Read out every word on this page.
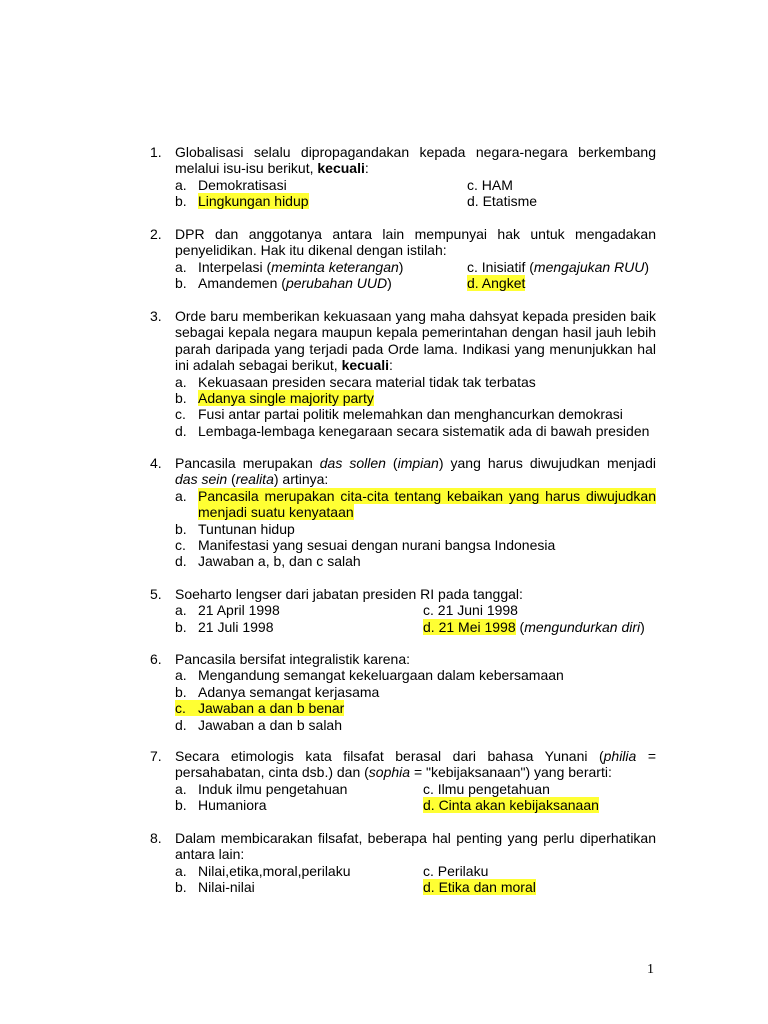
1. Globalisasi selalu dipropagandakan kepada negara-negara berkembang melalui isu-isu berikut, kecuali:
a. Demokratisasi	c. HAM
b. Lingkungan hidup	d. Etatisme
2. DPR dan anggotanya antara lain mempunyai hak untuk mengadakan penyelidikan. Hak itu dikenal dengan istilah:
a. Interpelasi (meminta keterangan)	c. Inisiatif (mengajukan RUU)
b. Amandemen (perubahan UUD)	d. Angket
3. Orde baru memberikan kekuasaan yang maha dahsyat kepada presiden baik sebagai kepala negara maupun kepala pemerintahan dengan hasil jauh lebih parah daripada yang terjadi pada Orde lama. Indikasi yang menunjukkan hal ini adalah sebagai berikut, kecuali:
a. Kekuasaan presiden secara material tidak tak terbatas
b. Adanya single majority party
c. Fusi antar partai politik melemahkan dan menghancurkan demokrasi
d. Lembaga-lembaga kenegaraan secara sistematik ada di bawah presiden
4. Pancasila merupakan das sollen (impian) yang harus diwujudkan menjadi das sein (realita) artinya:
a. Pancasila merupakan cita-cita tentang kebaikan yang harus diwujudkan
menjadi suatu kenyataan
b. Tuntunan hidup
c. Manifestasi yang sesuai dengan nurani bangsa Indonesia
d. Jawaban a, b, dan c salah
5. Soeharto lengser dari jabatan presiden RI pada tanggal:
a. 21 April 1998	c. 21 Juni 1998
b. 21 Juli 1998	d. 21 Mei 1998 (mengundurkan diri)
6. Pancasila bersifat integralistik karena:
a. Mengandung semangat kekeluargaan dalam kebersamaan
b. Adanya semangat kerjasama
c. Jawaban a dan b benar
d. Jawaban a dan b salah
7. Secara etimologis kata filsafat berasal dari bahasa Yunani (philia = persahabatan, cinta dsb.) dan (sophia = "kebijaksanaan") yang berarti:
a. Induk ilmu pengetahuan	c. Ilmu pengetahuan
b. Humaniora	d. Cinta akan kebijaksanaan
8. Dalam membicarakan filsafat, beberapa hal penting yang perlu diperhatikan antara lain:
a. Nilai,etika,moral,perilaku	c. Perilaku
b. Nilai-nilai	d. Etika dan moral
1
